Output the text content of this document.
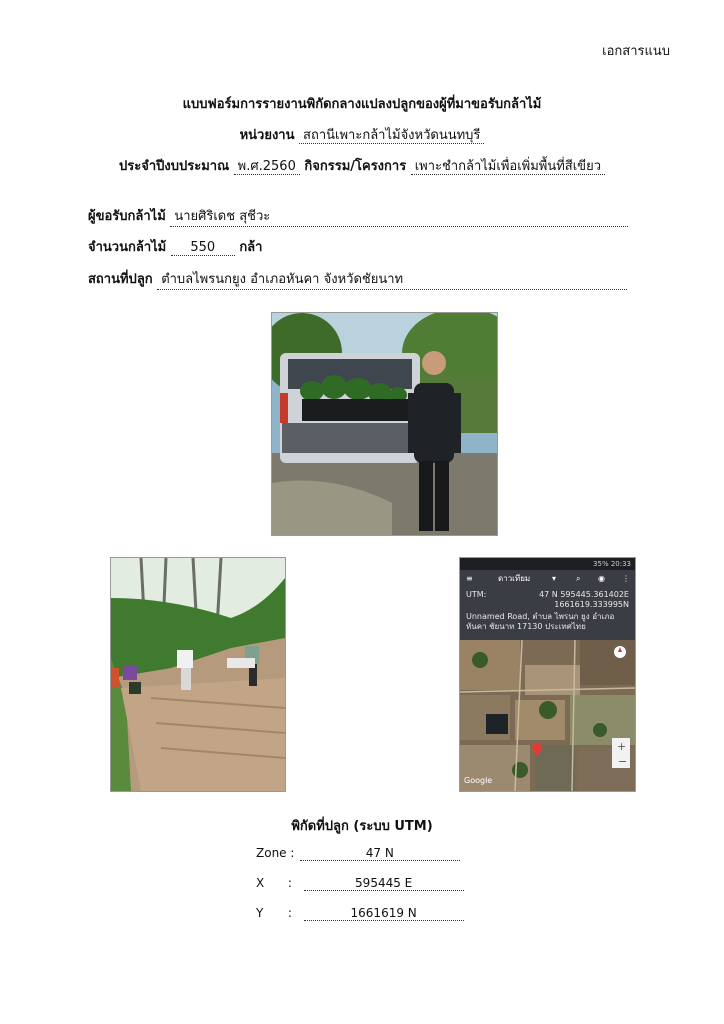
เอกสารแนบ
แบบฟอร์มการรายงานพิกัดกลางแปลงปลูกของผู้ที่มาขอรับกล้าไม้
หน่วยงาน สถานีเพาะกล้าไม้จังหวัดนนทบุรี
ประจำปีงบประมาณ พ.ศ.2560 กิจกรรม/โครงการ เพาะชำกล้าไม้เพื่อเพิ่มพื้นที่สีเขียว
ผู้ขอรับกล้าไม้ นายศิริเดช สุชีวะ
จำนวนกล้าไม้ 550 กล้า
สถานที่ปลูก ตำบลไพรนกยูง อำเภอหันคา จังหวัดชัยนาท
35% 20:33
≡	ดาวเทียม	▾ ⌕ ◉ ⋮
UTM:	47 N 595445.361402E
1661619.333995N
Unnamed Road, ตำบล ไพรนก ยูง อำเภอ หันคา ชัยนาท 17130 ประเทศไทย
+
−
Google
พิกัดที่ปลูก (ระบบ UTM)
Zone :	47 N
X :	595445 E
Y :	1661619 N
